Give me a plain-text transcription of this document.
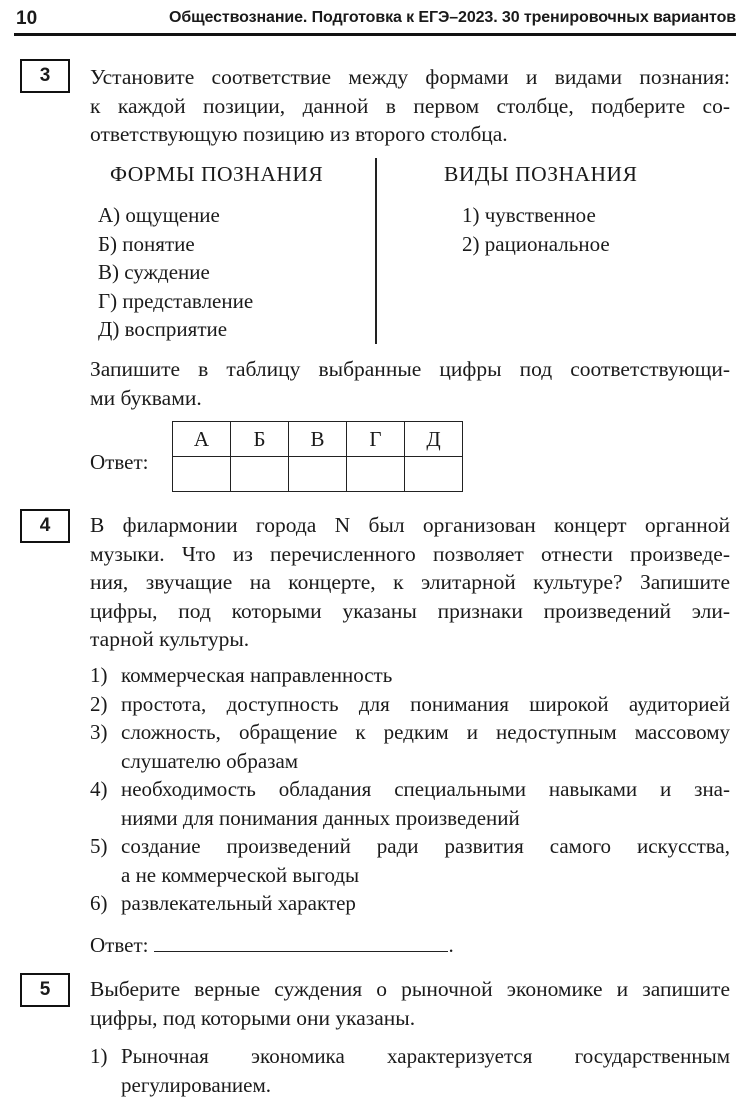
10	Обществознание. Подготовка к ЕГЭ–2023. 30 тренировочных вариантов
3	Установите соответствие между формами и видами познания:
к каждой позиции, данной в первом столбце, подберите со-
ответствующую позицию из второго столбца.
ФОРМЫ ПОЗНАНИЯ	ВИДЫ ПОЗНАНИЯ
А) ощущение
Б) понятие
В) суждение
Г) представление
Д) восприятие
1) чувственное
2) рациональное
Запишите в таблицу выбранные цифры под соответствующи-
ми буквами.
Ответ:
А	Б	В	Г	Д

4	В филармонии города N был организован концерт органной
музыки. Что из перечисленного позволяет отнести произведе-
ния, звучащие на концерте, к элитарной культуре? Запишите
цифры, под которыми указаны признаки произведений эли-
тарной культуры.
1) коммерческая направленность
2) простота, доступность для понимания широкой аудиторией
3) сложность, обращение к редким и недоступным массовому
слушателю образам
4) необходимость обладания специальными навыками и зна-
ниями для понимания данных произведений
5) создание произведений ради развития самого искусства,
а не коммерческой выгоды
6) развлекательный характер
Ответ:	.
5	Выберите верные суждения о рыночной экономике и запишите
цифры, под которыми они указаны.
1) Рыночная экономика характеризуется государственным
регулированием.
